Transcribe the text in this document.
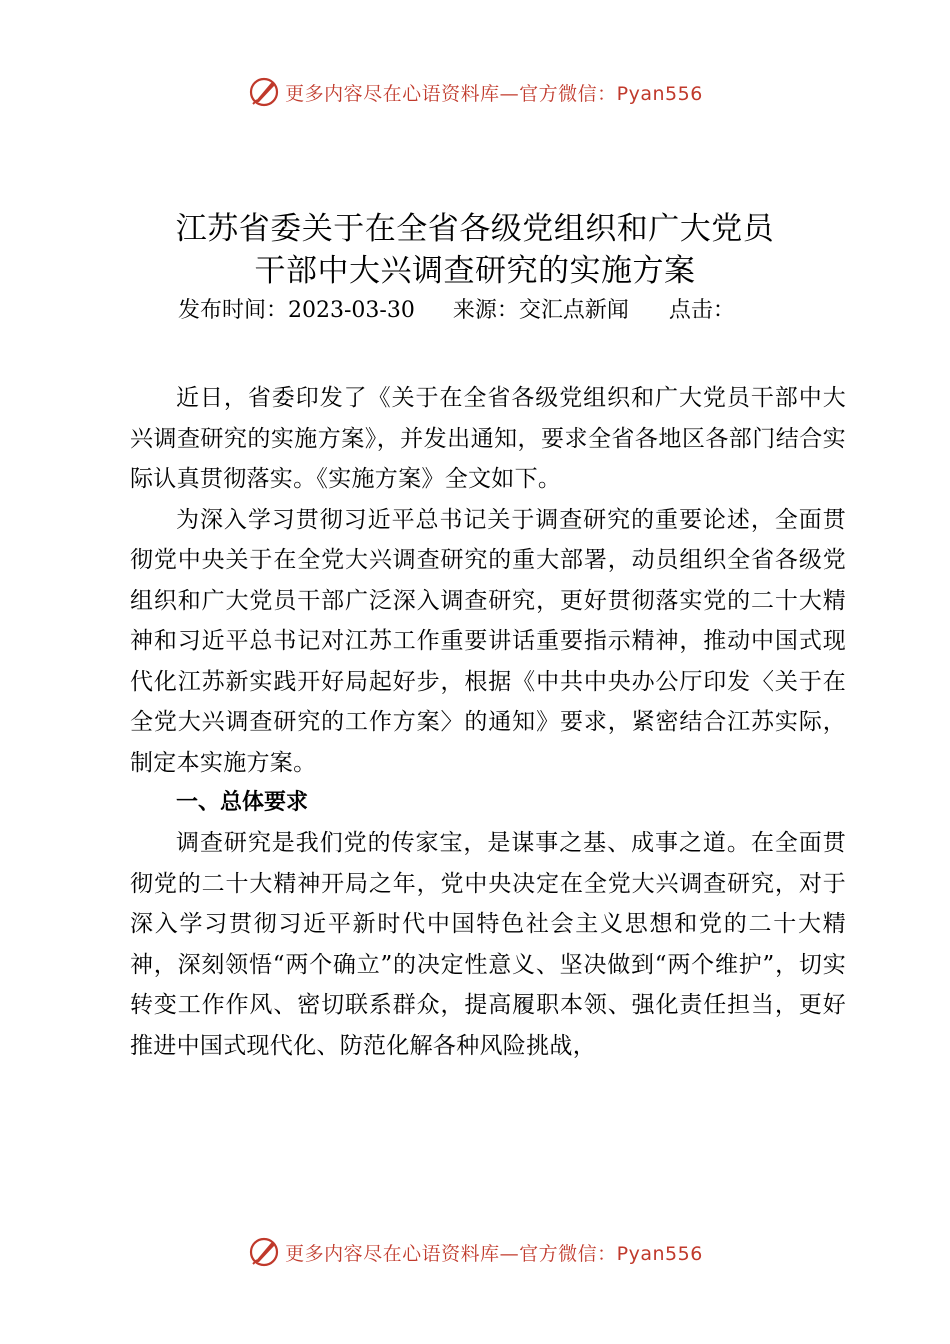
更多内容尽在心语资料库—官方微信：Pyan556
江苏省委关于在全省各级党组织和广大党员
干部中大兴调查研究的实施方案
发布时间：2023-03-30 来源：交汇点新闻 点击：

近日，省委印发了《关于在全省各级党组织和广大党员干部中大兴调查研究的实施方案》，并发出通知，要求全省各地区各部门结合实际认真贯彻落实。《实施方案》全文如下。

为深入学习贯彻习近平总书记关于调查研究的重要论述，全面贯彻党中央关于在全党大兴调查研究的重大部署，动员组织全省各级党组织和广大党员干部广泛深入调查研究，更好贯彻落实党的二十大精神和习近平总书记对江苏工作重要讲话重要指示精神，推动中国式现代化江苏新实践开好局起好步，根据《中共中央办公厅印发〈关于在全党大兴调查研究的工作方案〉的通知》要求，紧密结合江苏实际，制定本实施方案。

一、总体要求

调查研究是我们党的传家宝，是谋事之基、成事之道。在全面贯彻党的二十大精神开局之年，党中央决定在全党大兴调查研究，对于深入学习贯彻习近平新时代中国特色社会主义思想和党的二十大精神，深刻领悟“两个确立”的决定性意义、坚决做到“两个维护”，切实转变工作作风、密切联系群众，提高履职本领、强化责任担当，更好推进中国式现代化、防范化解各种风险挑战，

更多内容尽在心语资料库—官方微信：Pyan556
